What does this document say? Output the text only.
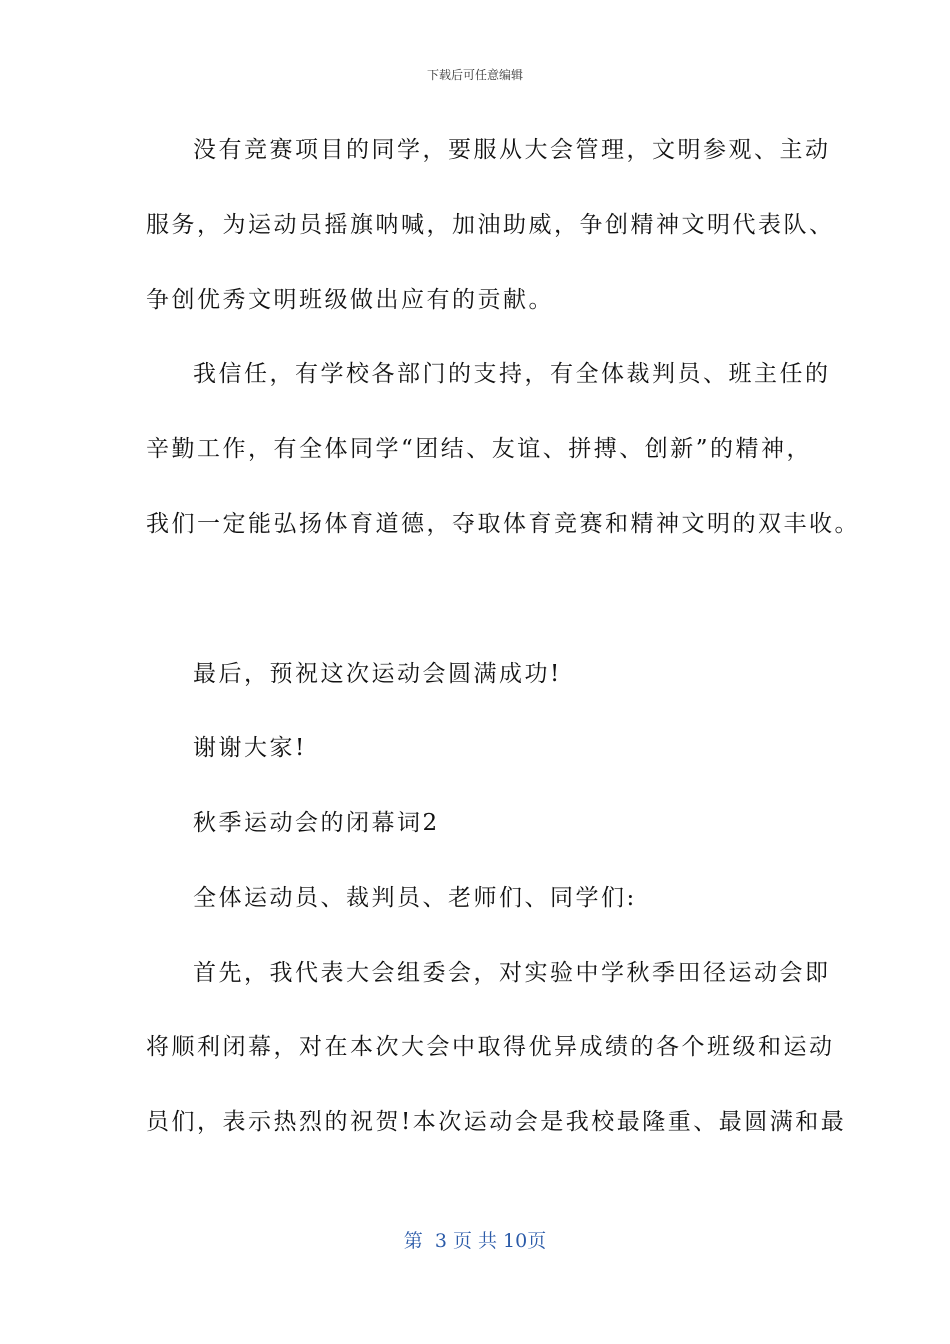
下载后可任意编辑
没有竞赛项目的同学，要服从大会管理，文明参观、主动
服务，为运动员摇旗呐喊，加油助威，争创精神文明代表队、
争创优秀文明班级做出应有的贡献。
我信任，有学校各部门的支持，有全体裁判员、班主任的
辛勤工作，有全体同学“团结、友谊、拼搏、创新”的精神，
我们一定能弘扬体育道德，夺取体育竞赛和精神文明的双丰收。
最后，预祝这次运动会圆满成功!
谢谢大家!
秋季运动会的闭幕词2
全体运动员、裁判员、老师们、同学们:
首先，我代表大会组委会，对实验中学秋季田径运动会即
将顺利闭幕，对在本次大会中取得优异成绩的各个班级和运动
员们，表示热烈的祝贺!本次运动会是我校最隆重、最圆满和最
第  3 页 共 10页
